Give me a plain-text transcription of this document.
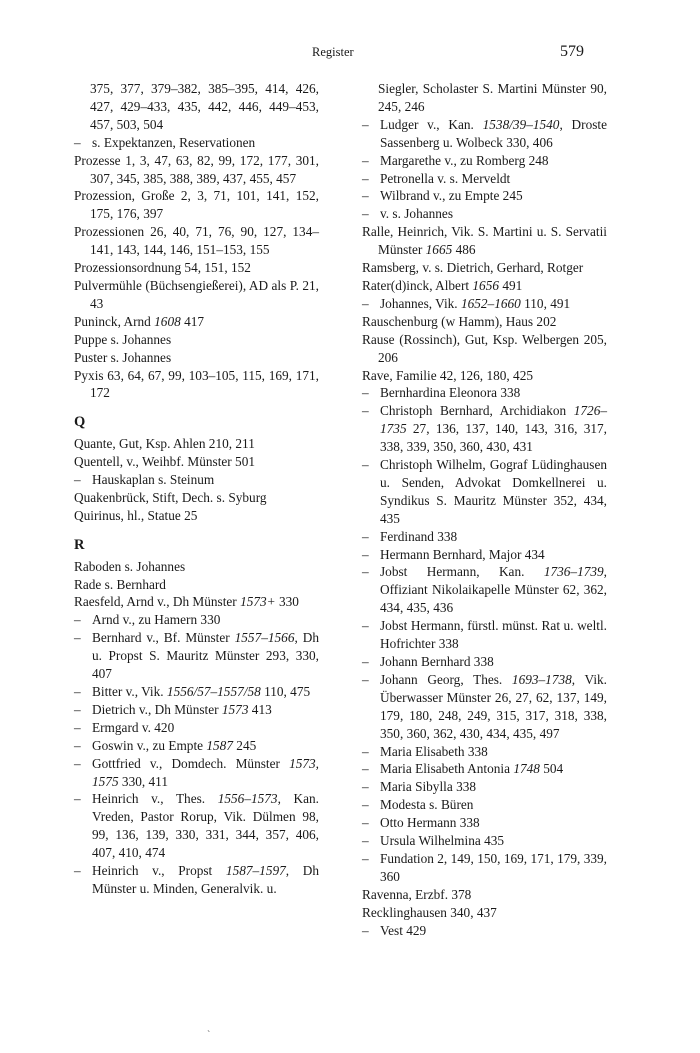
Register	579
375, 377, 379–382, 385–395, 414, 426, 427, 429–433, 435, 442, 446, 449–453, 457, 503, 504
– s. Expektanzen, Reservationen
Prozesse 1, 3, 47, 63, 82, 99, 172, 177, 301, 307, 345, 385, 388, 389, 437, 455, 457
Prozession, Große 2, 3, 71, 101, 141, 152, 175, 176, 397
Prozessionen 26, 40, 71, 76, 90, 127, 134–141, 143, 144, 146, 151–153, 155
Prozessionsordnung 54, 151, 152
Pulvermühle (Büchsengießerei), AD als P. 21, 43
Puninck, Arnd 1608 417
Puppe s. Johannes
Puster s. Johannes
Pyxis 63, 64, 67, 99, 103–105, 115, 169, 171, 172
Q
Quante, Gut, Ksp. Ahlen 210, 211
Quentell, v., Weihbf. Münster 501
– Hauskaplan s. Steinum
Quakenbrück, Stift, Dech. s. Syburg
Quirinus, hl., Statue 25
R
Raboden s. Johannes
Rade s. Bernhard
Raesfeld, Arnd v., Dh Münster 1573+ 330
– Arnd v., zu Hamern 330
– Bernhard v., Bf. Münster 1557–1566, Dh u. Propst S. Mauritz Münster 293, 330, 407
– Bitter v., Vik. 1556/57–1557/58 110, 475
– Dietrich v., Dh Münster 1573 413
– Ermgard v. 420
– Goswin v., zu Empte 1587 245
– Gottfried v., Domdech. Münster 1573, 1575 330, 411
– Heinrich v., Thes. 1556–1573, Kan. Vreden, Pastor Rorup, Vik. Dülmen 98, 99, 136, 139, 330, 331, 344, 357, 406, 407, 410, 474
– Heinrich v., Propst 1587–1597, Dh Münster u. Minden, Generalvik. u.
Siegler, Scholaster S. Martini Münster 90, 245, 246
– Ludger v., Kan. 1538/39–1540, Droste Sassenberg u. Wolbeck 330, 406
– Margarethe v., zu Romberg 248
– Petronella v. s. Merveldt
– Wilbrand v., zu Empte 245
– v. s. Johannes
Ralle, Heinrich, Vik. S. Martini u. S. Servatii Münster 1665 486
Ramsberg, v. s. Dietrich, Gerhard, Rotger
Rater(d)inck, Albert 1656 491
– Johannes, Vik. 1652–1660 110, 491
Rauschenburg (w Hamm), Haus 202
Rause (Rossinch), Gut, Ksp. Welbergen 205, 206
Rave, Familie 42, 126, 180, 425
– Bernhardina Eleonora 338
– Christoph Bernhard, Archidiakon 1726–1735 27, 136, 137, 140, 143, 316, 317, 338, 339, 350, 360, 430, 431
– Christoph Wilhelm, Gograf Lüdinghausen u. Senden, Advokat Domkellnerei u. Syndikus S. Mauritz Münster 352, 434, 435
– Ferdinand 338
– Hermann Bernhard, Major 434
– Jobst Hermann, Kan. 1736–1739, Offiziant Nikolaikapelle Münster 62, 362, 434, 435, 436
– Jobst Hermann, fürstl. münst. Rat u. weltl. Hofrichter 338
– Johann Bernhard 338
– Johann Georg, Thes. 1693–1738, Vik. Überwasser Münster 26, 27, 62, 137, 149, 179, 180, 248, 249, 315, 317, 318, 338, 350, 360, 362, 430, 434, 435, 497
– Maria Elisabeth 338
– Maria Elisabeth Antonia 1748 504
– Maria Sibylla 338
– Modesta s. Büren
– Otto Hermann 338
– Ursula Wilhelmina 435
– Fundation 2, 149, 150, 169, 171, 179, 339, 360
Ravenna, Erzbf. 378
Recklinghausen 340, 437
– Vest 429
ˋ
